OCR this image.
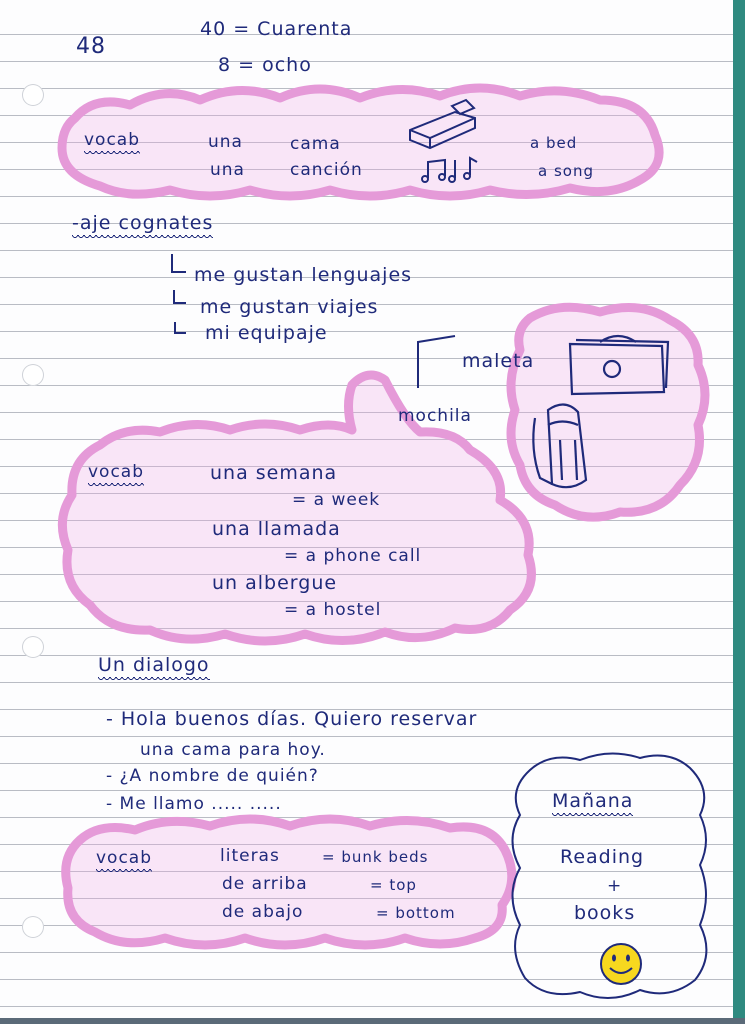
48
40 = Cuarenta
8 = ocho
vocab	una	cama	a bed
una	canción	a song
-aje cognates
me gustan lenguajes
me gustan viajes
mi equipaje
maleta
mochila
vocab	una semana
= a week
una llamada
= a phone call
un albergue
= a hostel
Un dialogo
- Hola buenos días. Quiero reservar
una cama para hoy.
- ¿A nombre de quién?
- Me llamo ..... .....
vocab	literas	= bunk beds
de arriba	= top
de abajo	= bottom
Mañana
Reading
+
books
